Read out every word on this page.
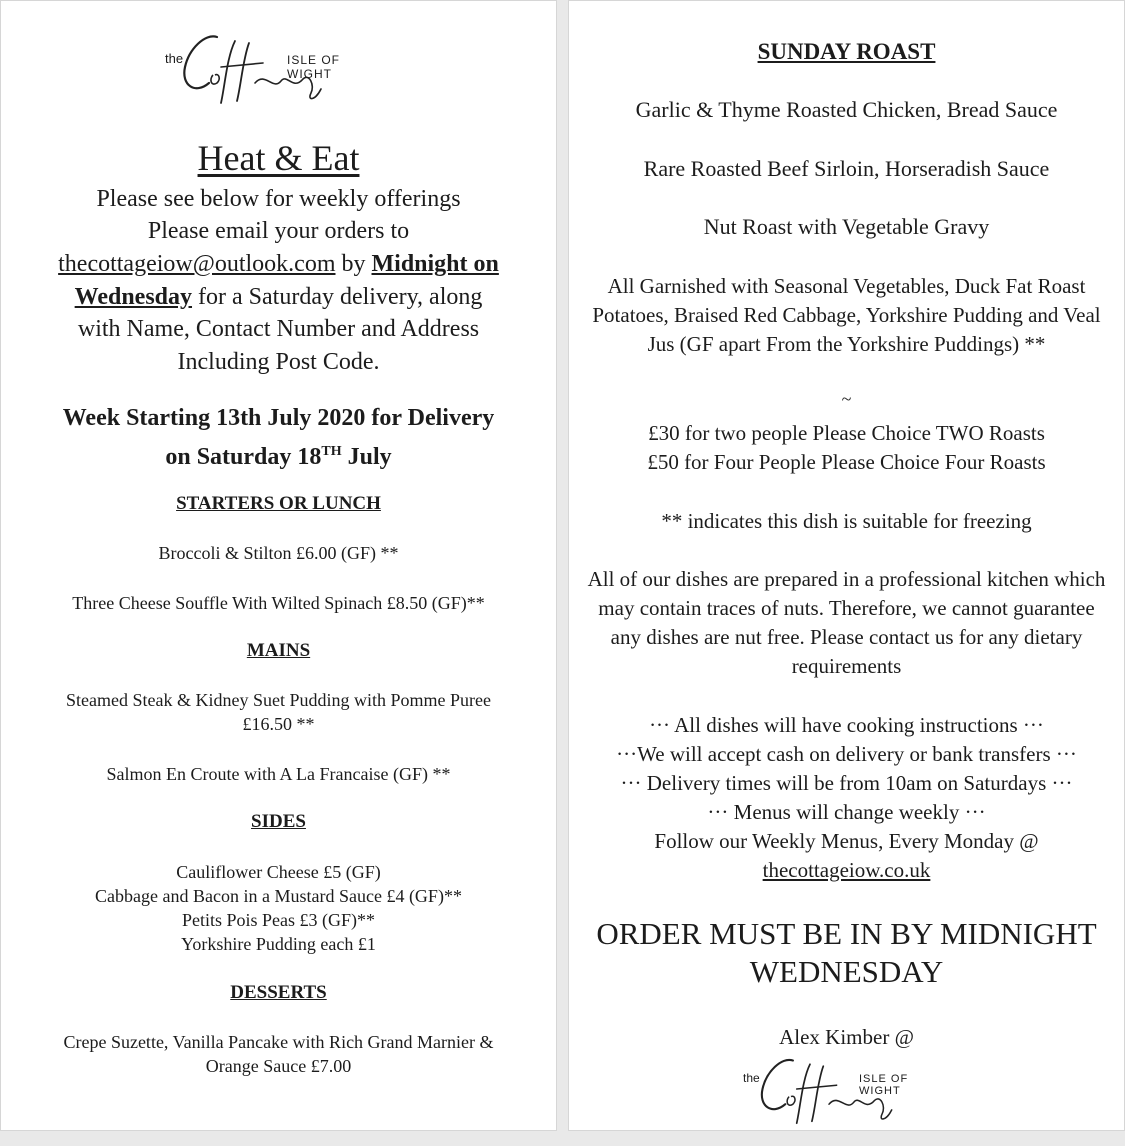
the	ISLE OF WIGHT
Heat & Eat
Please see below for weekly offerings
Please email your orders to
thecottageiow@outlook.com by Midnight on
Wednesday for a Saturday delivery, along
with Name, Contact Number and Address
Including Post Code.
Week Starting 13th July 2020 for Delivery
on Saturday 18TH July
STARTERS OR LUNCH
Broccoli & Stilton £6.00 (GF) **
Three Cheese Souffle With Wilted Spinach £8.50 (GF)**
MAINS
Steamed Steak & Kidney Suet Pudding with Pomme Puree
£16.50 **
Salmon En Croute with A La Francaise (GF) **
SIDES
Cauliflower Cheese £5 (GF)
Cabbage and Bacon in a Mustard Sauce £4 (GF)**
Petits Pois Peas £3 (GF)**
Yorkshire Pudding each £1
DESSERTS
Crepe Suzette, Vanilla Pancake with Rich Grand Marnier &
Orange Sauce £7.00
SUNDAY ROAST
Garlic & Thyme Roasted Chicken, Bread Sauce
Rare Roasted Beef Sirloin, Horseradish Sauce
Nut Roast with Vegetable Gravy
All Garnished with Seasonal Vegetables, Duck Fat Roast
Potatoes, Braised Red Cabbage, Yorkshire Pudding and Veal
Jus (GF apart From the Yorkshire Puddings) **
~
£30 for two people Please Choice TWO Roasts
£50 for Four People Please Choice Four Roasts
** indicates this dish is suitable for freezing
All of our dishes are prepared in a professional kitchen which
may contain traces of nuts. Therefore, we cannot guarantee
any dishes are nut free. Please contact us for any dietary
requirements
··· All dishes will have cooking instructions ···
···We will accept cash on delivery or bank transfers ···
··· Delivery times will be from 10am on Saturdays ···
··· Menus will change weekly ···
Follow our Weekly Menus, Every Monday @
thecottageiow.co.uk
ORDER MUST BE IN BY MIDNIGHT
WEDNESDAY
Alex Kimber @
the	ISLE OF WIGHT
